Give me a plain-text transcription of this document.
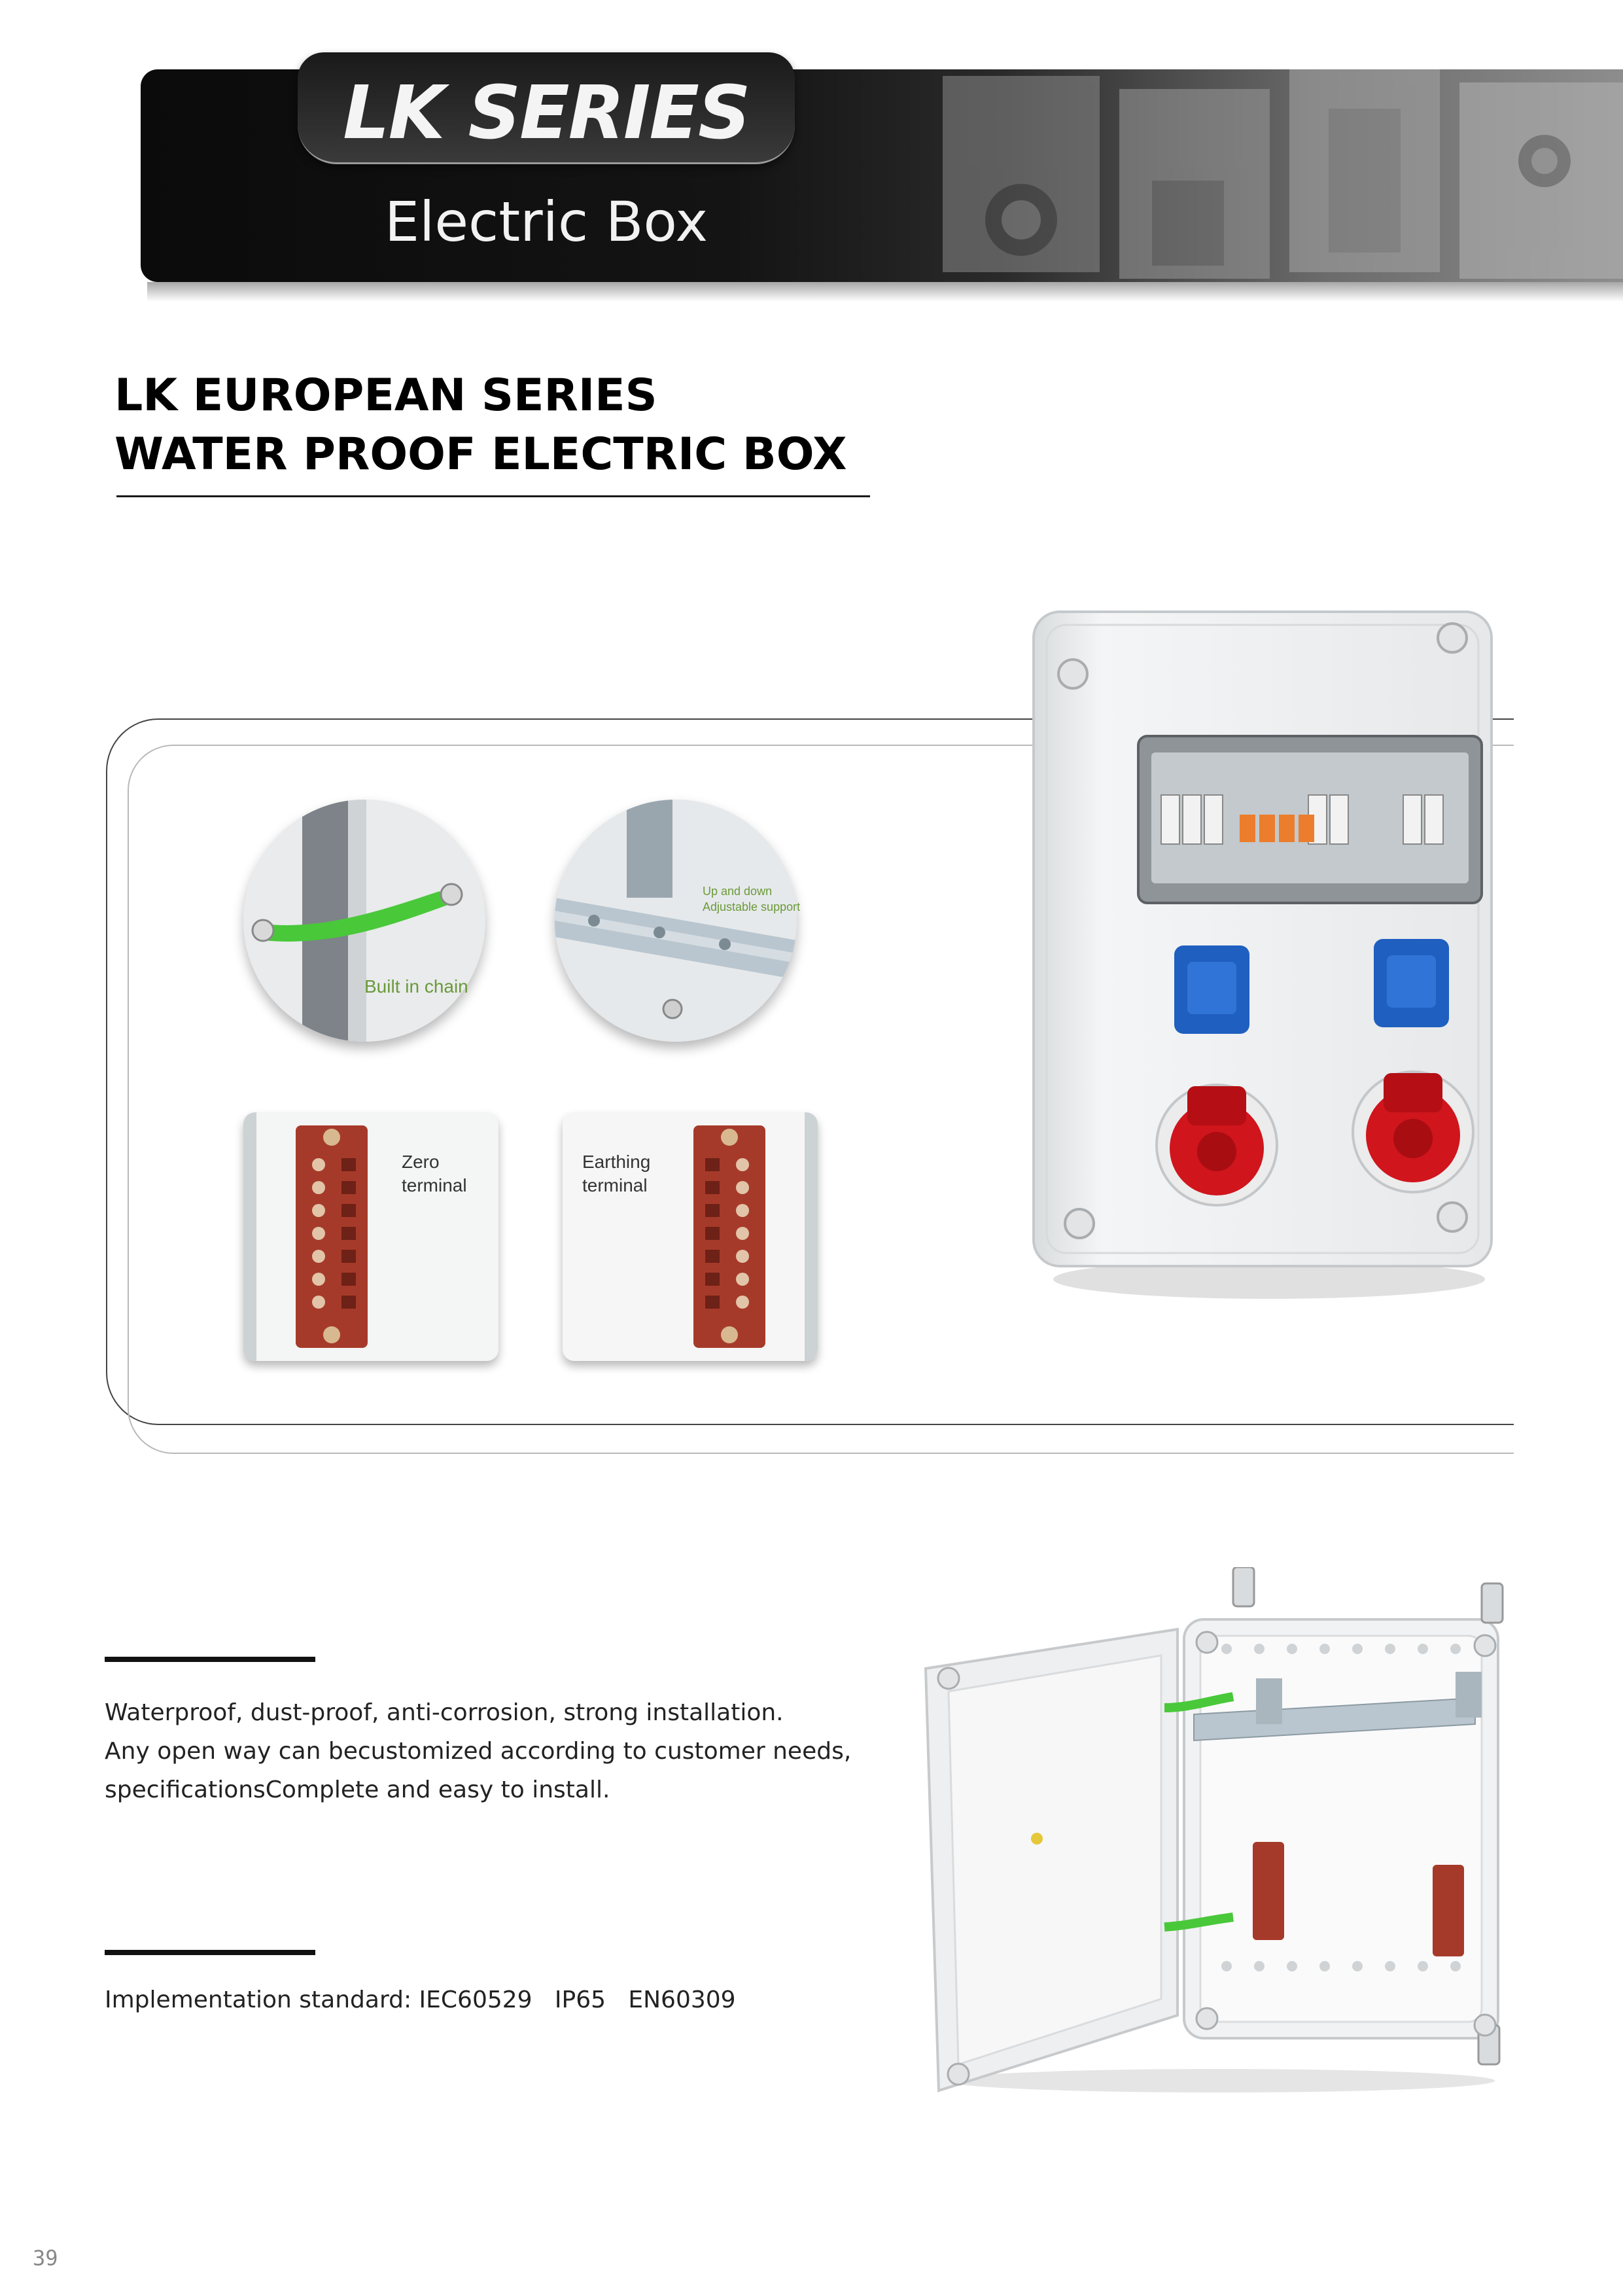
LK SERIES
Electric Box
LK EUROPEAN SERIES
WATER PROOF ELECTRIC BOX
Built in chain
Up and down
Adjustable support
Zero
terminal
Earthing
terminal

Waterproof, dust-proof, anti-corrosion, strong installation.

Any open way can becustomized according to customer needs,

specificationsComplete and easy to install.

Implementation standard: IEC60529   IP65   EN60309
39
